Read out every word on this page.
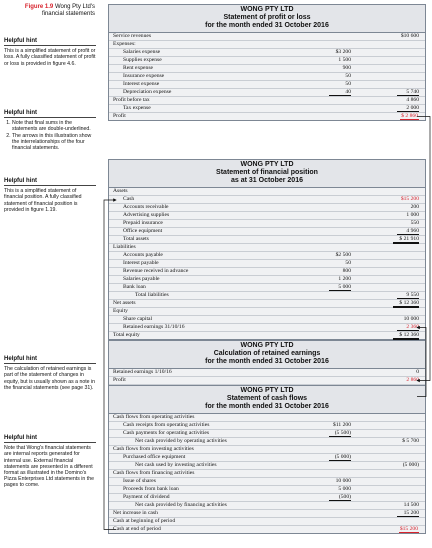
Figure 1.9 Wong Pty Ltd's financial statements
Helpful hint

This is a simplified statement of profit or loss. A fully classified statement of profit or loss is provided in figure 4.6.

Helpful hint
1. Note that final sums in the statements are double-underlined.
2. The arrows in this illustration show the interrelationships of the four financial statements.
Helpful hint

This is a simplified statement of financial position. A fully classified statement of financial position is provided in figure 1.19.

Helpful hint

The calculation of retained earnings is part of the statement of changes in equity, but is usually shown as a note in the financial statements (see page 31).

Helpful hint

Note that Wong's financial statements are internal reports generated for internal use. External financial statements are presented in a different format as illustrated in the Domino's Pizza Enterprises Ltd statements in the pages to come.

WONG PTY LTD
Statement of profit or loss
for the month ended 31 October 2016
Service revenues	$10 600
Expenses:
Salaries expense	$3 200
Supplies expense	1 500
Rent expense	900
Insurance expense	50
Interest expense	50
Depreciation expense	40	5 740
Profit before tax	4 860
Tax expense	2 000
Profit	$ 2 860
WONG PTY LTD
Statement of financial position
as at 31 October 2016
Assets
Cash	$15 200
Accounts receivable	200
Advertising supplies	1 000
Prepaid insurance	550
Office equipment	4 960
Total assets	$ 21 910
Liabilities
Accounts payable	$2 500
Interest payable	50
Revenue received in advance	800
Salaries payable	1 200
Bank loan	5 000
Total liabilities	9 550
Net assets	$ 12 360
Equity
Share capital	10 000
Retained earnings 31/10/16	2 360
Total equity	$ 12 360
WONG PTY LTD
Calculation of retained earnings
for the month ended 31 October 2016
Retained earnings 1/10/16	0
Profit	2 860
WONG PTY LTD
Statement of cash flows
for the month ended 31 October 2016
Cash flows from operating activities
Cash receipts from operating activities	$11 200
Cash payments for operating activities	(5 500)
Net cash provided by operating activities	$ 5 700
Cash flows from investing activities
Purchased office equipment	(5 000)
Net cash used by investing activities	(5 000)
Cash flows from financing activities
Issue of shares	10 000
Proceeds from bank loan	5 000
Payment of dividend	(500)
Net cash provided by financing activities	14 500
Net increase in cash	15 200
Cash at beginning of period
Cash at end of period	$15 200
